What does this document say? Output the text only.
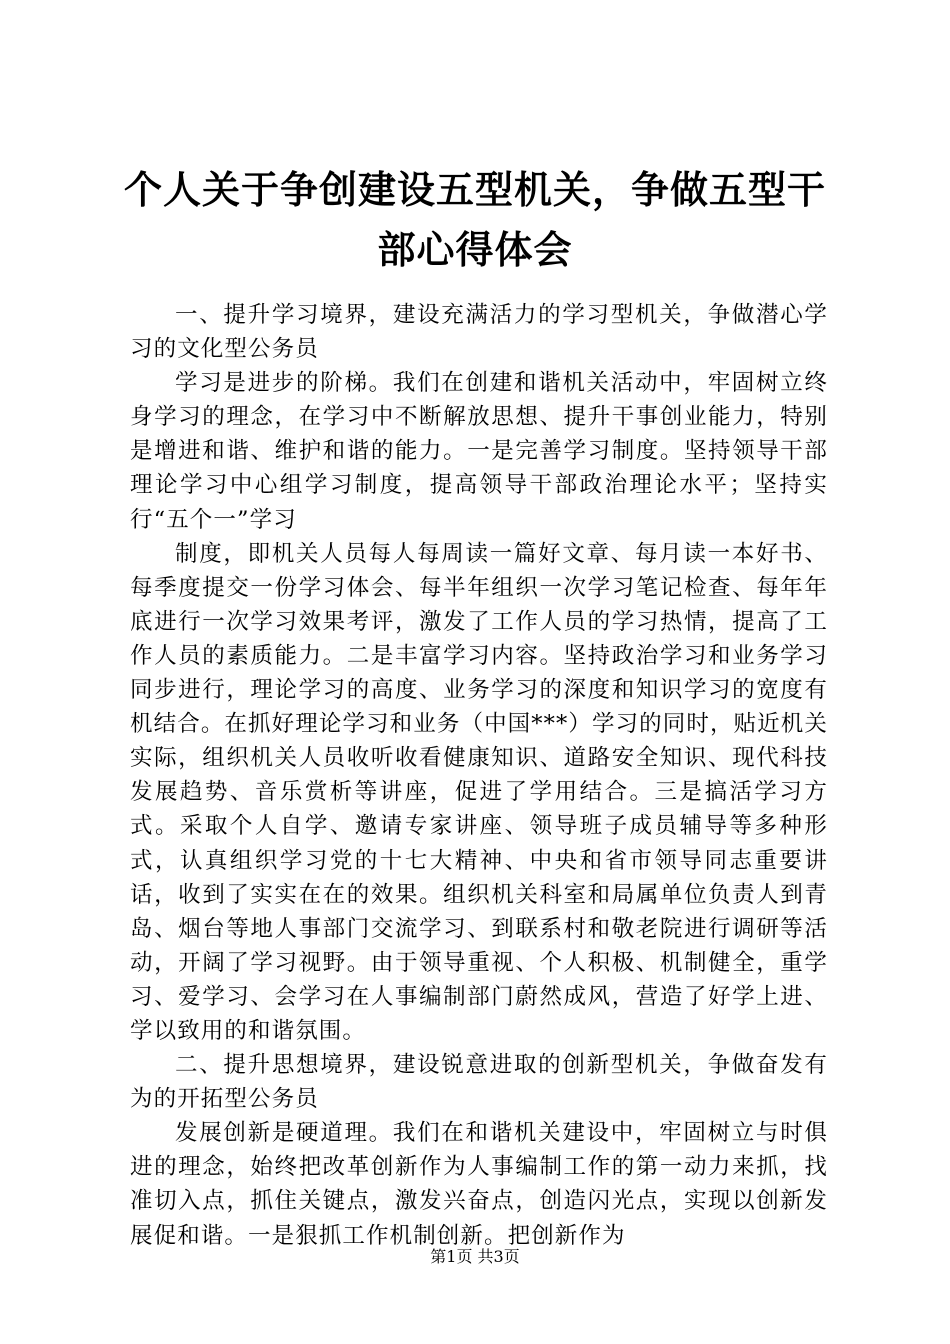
个人关于争创建设五型机关，争做五型干部心得体会

一、提升学习境界，建设充满活力的学习型机关，争做潜心学习的文化型公务员

学习是进步的阶梯。我们在创建和谐机关活动中，牢固树立终身学习的理念，在学习中不断解放思想、提升干事创业能力，特别是增进和谐、维护和谐的能力。一是完善学习制度。坚持领导干部理论学习中心组学习制度，提高领导干部政治理论水平；坚持实行“五个一”学习

制度，即机关人员每人每周读一篇好文章、每月读一本好书、每季度提交一份学习体会、每半年组织一次学习笔记检查、每年年底进行一次学习效果考评，激发了工作人员的学习热情，提高了工作人员的素质能力。二是丰富学习内容。坚持政治学习和业务学习同步进行，理论学习的高度、业务学习的深度和知识学习的宽度有机结合。在抓好理论学习和业务（中国***）学习的同时，贴近机关实际，组织机关人员收听收看健康知识、道路安全知识、现代科技发展趋势、音乐赏析等讲座，促进了学用结合。三是搞活学习方式。采取个人自学、邀请专家讲座、领导班子成员辅导等多种形式，认真组织学习党的十七大精神、中央和省市领导同志重要讲话，收到了实实在在的效果。组织机关科室和局属单位负责人到青岛、烟台等地人事部门交流学习、到联系村和敬老院进行调研等活动，开阔了学习视野。由于领导重视、个人积极、机制健全，重学习、爱学习、会学习在人事编制部门蔚然成风，营造了好学上进、学以致用的和谐氛围。

二、提升思想境界，建设锐意进取的创新型机关，争做奋发有为的开拓型公务员

发展创新是硬道理。我们在和谐机关建设中，牢固树立与时俱进的理念，始终把改革创新作为人事编制工作的第一动力来抓，找准切入点，抓住关键点，激发兴奋点，创造闪光点，实现以创新发展促和谐。一是狠抓工作机制创新。把创新作为

第1页 共3页
